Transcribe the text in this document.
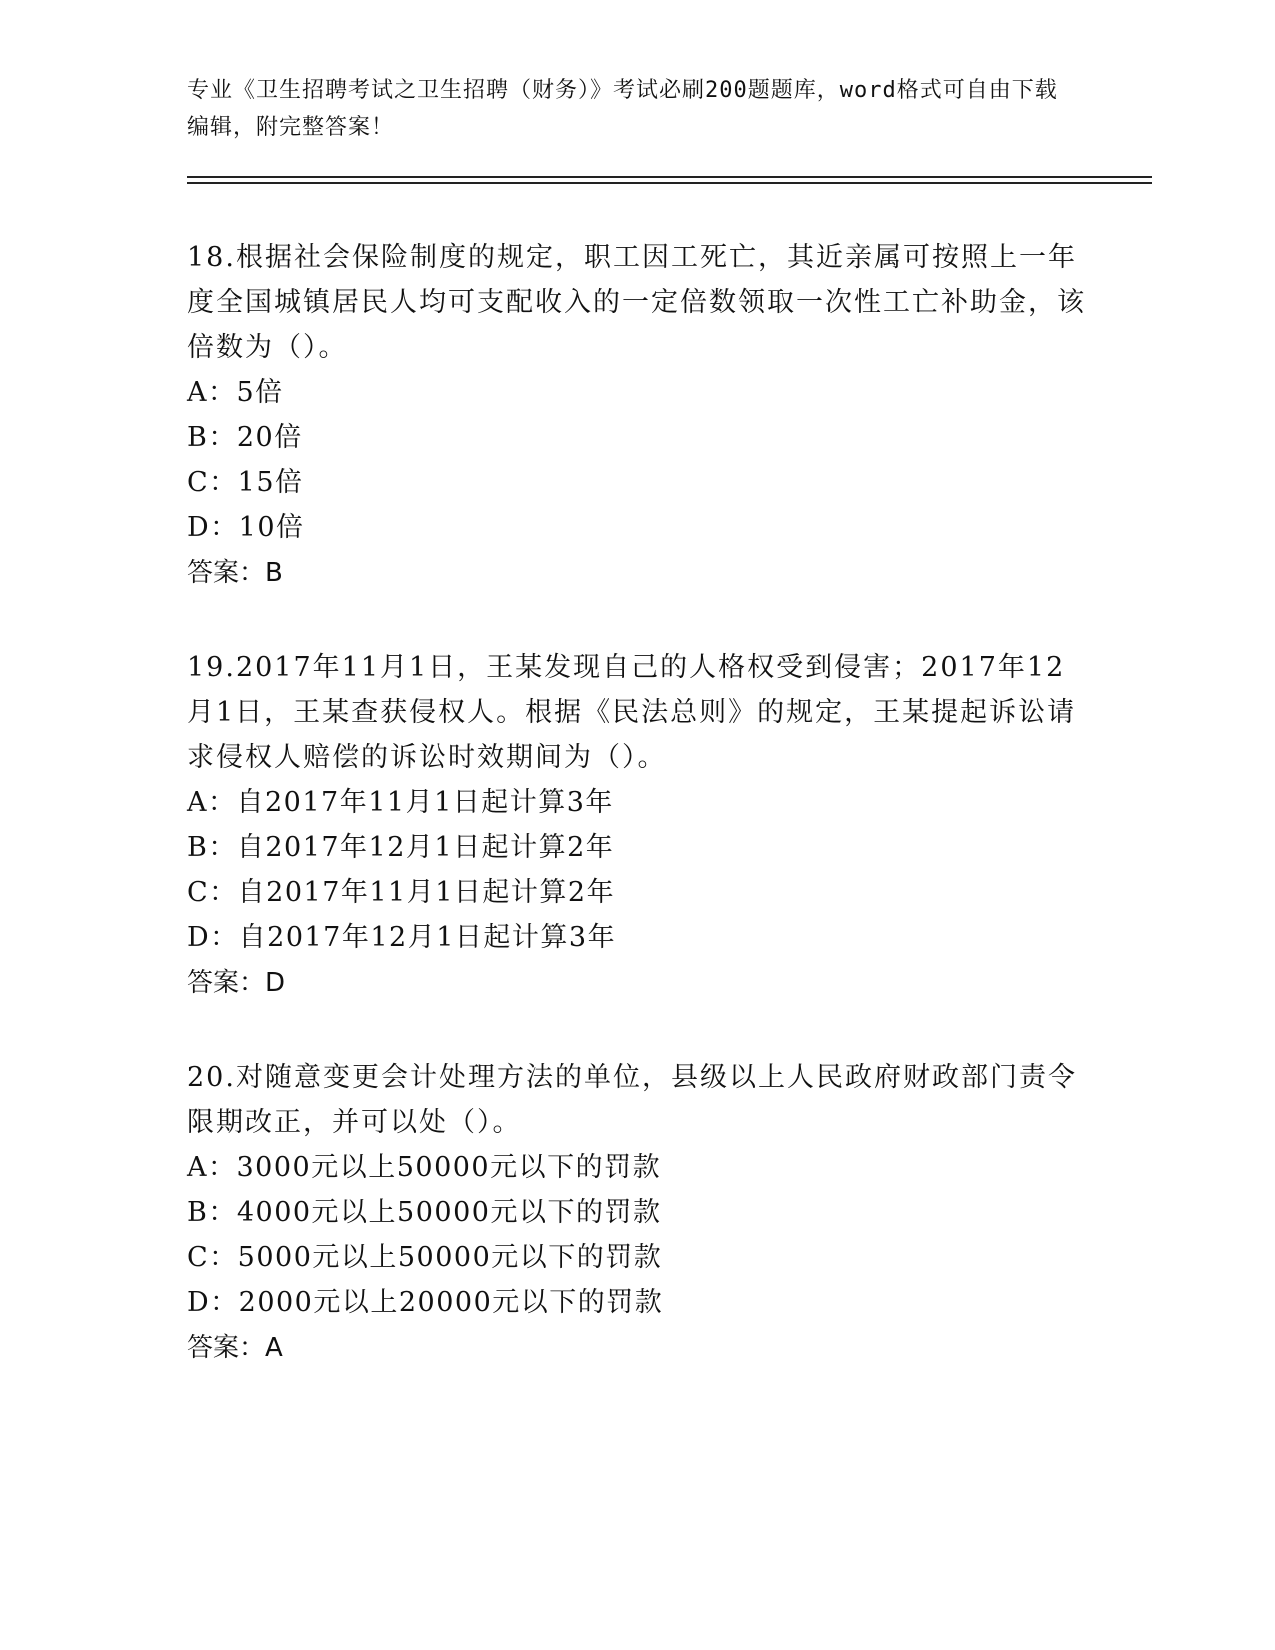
专业《卫生招聘考试之卫生招聘（财务）》考试必刷200题题库，word格式可自由下载编辑，附完整答案！

18.根据社会保险制度的规定，职工因工死亡，其近亲属可按照上一年度全国城镇居民人均可支配收入的一定倍数领取一次性工亡补助金，该倍数为（）。

A：5倍

B：20倍

C：15倍

D：10倍

答案：B

19.2017年11月1日，王某发现自己的人格权受到侵害；2017年12月1日，王某查获侵权人。根据《民法总则》的规定，王某提起诉讼请求侵权人赔偿的诉讼时效期间为（）。

A：自2017年11月1日起计算3年

B：自2017年12月1日起计算2年

C：自2017年11月1日起计算2年

D：自2017年12月1日起计算3年

答案：D

20.对随意变更会计处理方法的单位，县级以上人民政府财政部门责令限期改正，并可以处（）。

A：3000元以上50000元以下的罚款

B：4000元以上50000元以下的罚款

C：5000元以上50000元以下的罚款

D：2000元以上20000元以下的罚款

答案：A
